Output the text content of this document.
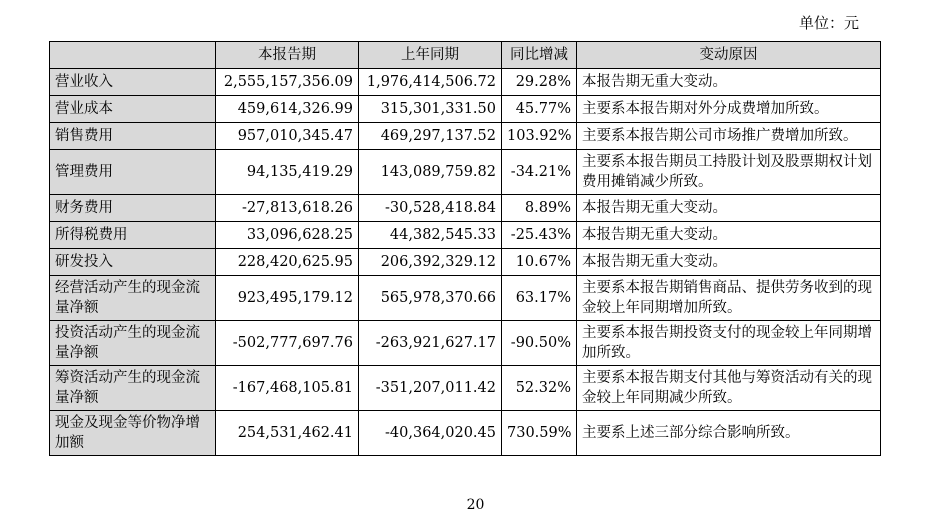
单位：元
	本报告期	上年同期	同比增减	变动原因
营业收入	2,555,157,356.09	1,976,414,506.72	29.28%	本报告期无重大变动。
营业成本	459,614,326.99	315,301,331.50	45.77%	主要系本报告期对外分成费增加所致。
销售费用	957,010,345.47	469,297,137.52	103.92%	主要系本报告期公司市场推广费增加所致。
管理费用	94,135,419.29	143,089,759.82	-34.21%	主要系本报告期员工持股计划及股票期权计划费用摊销减少所致。
财务费用	-27,813,618.26	-30,528,418.84	8.89%	本报告期无重大变动。
所得税费用	33,096,628.25	44,382,545.33	-25.43%	本报告期无重大变动。
研发投入	228,420,625.95	206,392,329.12	10.67%	本报告期无重大变动。
经营活动产生的现金流量净额	923,495,179.12	565,978,370.66	63.17%	主要系本报告期销售商品、提供劳务收到的现金较上年同期增加所致。
投资活动产生的现金流量净额	-502,777,697.76	-263,921,627.17	-90.50%	主要系本报告期投资支付的现金较上年同期增加所致。
筹资活动产生的现金流量净额	-167,468,105.81	-351,207,011.42	52.32%	主要系本报告期支付其他与筹资活动有关的现金较上年同期减少所致。
现金及现金等价物净增加额	254,531,462.41	-40,364,020.45	730.59%	主要系上述三部分综合影响所致。
20
